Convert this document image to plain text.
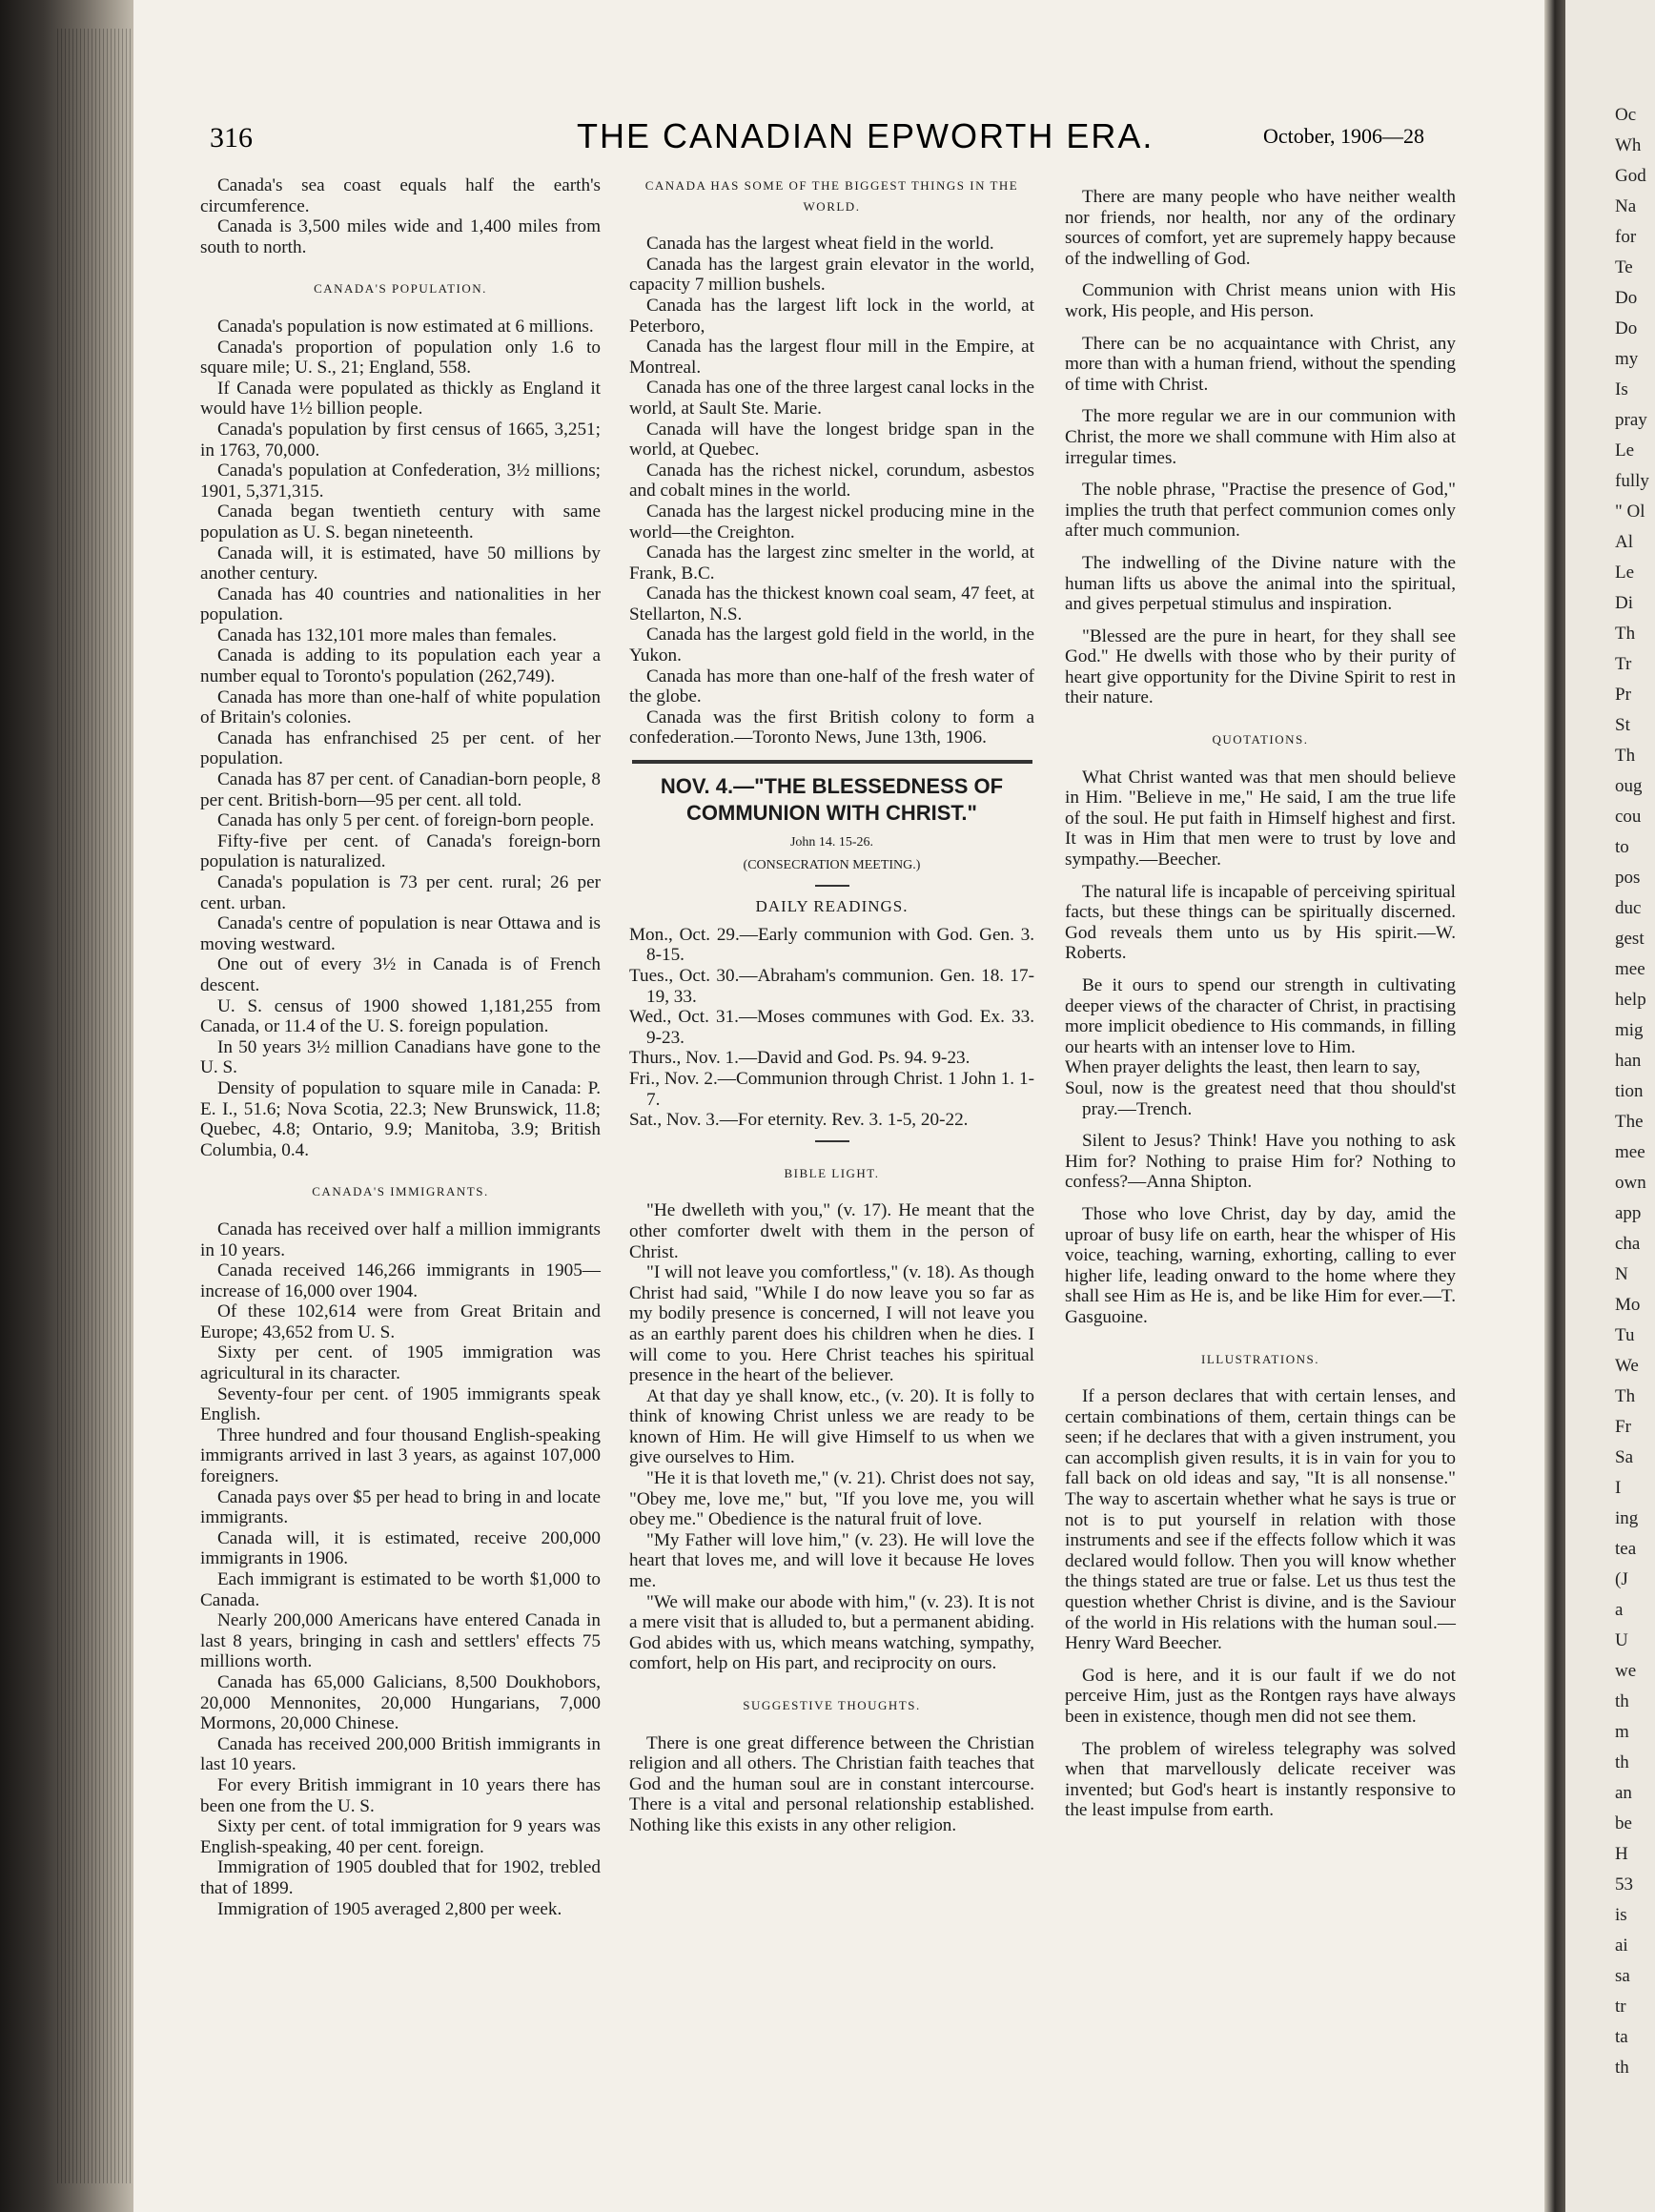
Oc
Wh
God
Na
for
Te
Do
Do
my
Is
pray
Le
fully
" Ol
Al
Le
Di
Th
Tr
Pr
St
Th
oug
cou
to
pos
duc
gest
mee
help
mig
han
tion
The
mee
own
app
cha
N
Mo
Tu
We
Th
Fr
Sa
I
ing
tea
(J
a
U
we
th
m
th
an
be
H
53
is
ai
sa
tr
ta
th
316	THE CANADIAN EPWORTH ERA.	October, 1906—28

Canada's sea coast equals half the earth's circumference.

Canada is 3,500 miles wide and 1,400 miles from south to north.

CANADA'S POPULATION.

Canada's population is now estimated at 6 millions.

Canada's proportion of population only 1.6 to square mile; U. S., 21; England, 558.

If Canada were populated as thickly as England it would have 1½ billion people.

Canada's population by first census of 1665, 3,251; in 1763, 70,000.

Canada's population at Confederation, 3½ millions; 1901, 5,371,315.

Canada began twentieth century with same population as U. S. began nineteenth.

Canada will, it is estimated, have 50 millions by another century.

Canada has 40 countries and nationalities in her population.

Canada has 132,101 more males than females.

Canada is adding to its population each year a number equal to Toronto's population (262,749).

Canada has more than one-half of white population of Britain's colonies.

Canada has enfranchised 25 per cent. of her population.

Canada has 87 per cent. of Canadian-born people, 8 per cent. British-born—95 per cent. all told.

Canada has only 5 per cent. of foreign-born people.

Fifty-five per cent. of Canada's foreign-born population is naturalized.

Canada's population is 73 per cent. rural; 26 per cent. urban.

Canada's centre of population is near Ottawa and is moving westward.

One out of every 3½ in Canada is of French descent.

U. S. census of 1900 showed 1,181,255 from Canada, or 11.4 of the U. S. foreign population.

In 50 years 3½ million Canadians have gone to the U. S.

Density of population to square mile in Canada: P. E. I., 51.6; Nova Scotia, 22.3; New Brunswick, 11.8; Quebec, 4.8; Ontario, 9.9; Manitoba, 3.9; British Columbia, 0.4.

CANADA'S IMMIGRANTS.

Canada has received over half a million immigrants in 10 years.

Canada received 146,266 immigrants in 1905—increase of 16,000 over 1904.

Of these 102,614 were from Great Britain and Europe; 43,652 from U. S.

Sixty per cent. of 1905 immigration was agricultural in its character.

Seventy-four per cent. of 1905 immigrants speak English.

Three hundred and four thousand English-speaking immigrants arrived in last 3 years, as against 107,000 foreigners.

Canada pays over $5 per head to bring in and locate immigrants.

Canada will, it is estimated, receive 200,000 immigrants in 1906.

Each immigrant is estimated to be worth $1,000 to Canada.

Nearly 200,000 Americans have entered Canada in last 8 years, bringing in cash and settlers' effects 75 millions worth.

Canada has 65,000 Galicians, 8,500 Doukhobors, 20,000 Mennonites, 20,000 Hungarians, 7,000 Mormons, 20,000 Chinese.

Canada has received 200,000 British immigrants in last 10 years.

For every British immigrant in 10 years there has been one from the U. S.

Sixty per cent. of total immigration for 9 years was English-speaking, 40 per cent. foreign.

Immigration of 1905 doubled that for 1902, trebled that of 1899.

Immigration of 1905 averaged 2,800 per week.

CANADA HAS SOME OF THE BIGGEST THINGS IN THE WORLD.

Canada has the largest wheat field in the world.

Canada has the largest grain elevator in the world, capacity 7 million bushels.

Canada has the largest lift lock in the world, at Peterboro,

Canada has the largest flour mill in the Empire, at Montreal.

Canada has one of the three largest canal locks in the world, at Sault Ste. Marie.

Canada will have the longest bridge span in the world, at Quebec.

Canada has the richest nickel, corundum, asbestos and cobalt mines in the world.

Canada has the largest nickel producing mine in the world—the Creighton.

Canada has the largest zinc smelter in the world, at Frank, B.C.

Canada has the thickest known coal seam, 47 feet, at Stellarton, N.S.

Canada has the largest gold field in the world, in the Yukon.

Canada has more than one-half of the fresh water of the globe.

Canada was the first British colony to form a confederation.—Toronto News, June 13th, 1906.

NOV. 4.—"THE BLESSEDNESS OF COMMUNION WITH CHRIST."
John 14. 15-26.
(CONSECRATION MEETING.)
DAILY READINGS.

Mon., Oct. 29.—Early communion with God. Gen. 3. 8-15.

Tues., Oct. 30.—Abraham's communion. Gen. 18. 17-19, 33.

Wed., Oct. 31.—Moses communes with God. Ex. 33. 9-23.

Thurs., Nov. 1.—David and God. Ps. 94. 9-23.

Fri., Nov. 2.—Communion through Christ. 1 John 1. 1-7.

Sat., Nov. 3.—For eternity. Rev. 3. 1-5, 20-22.

BIBLE LIGHT.

"He dwelleth with you," (v. 17). He meant that the other comforter dwelt with them in the person of Christ.

"I will not leave you comfortless," (v. 18). As though Christ had said, "While I do now leave you so far as my bodily presence is concerned, I will not leave you as an earthly parent does his children when he dies. I will come to you. Here Christ teaches his spiritual presence in the heart of the believer.

At that day ye shall know, etc., (v. 20). It is folly to think of knowing Christ unless we are ready to be known of Him. He will give Himself to us when we give ourselves to Him.

"He it is that loveth me," (v. 21). Christ does not say, "Obey me, love me," but, "If you love me, you will obey me." Obedience is the natural fruit of love.

"My Father will love him," (v. 23). He will love the heart that loves me, and will love it because He loves me.

"We will make our abode with him," (v. 23). It is not a mere visit that is alluded to, but a permanent abiding. God abides with us, which means watching, sympathy, comfort, help on His part, and reciprocity on ours.

SUGGESTIVE THOUGHTS.

There is one great difference between the Christian religion and all others. The Christian faith teaches that God and the human soul are in constant intercourse. There is a vital and personal relationship established. Nothing like this exists in any other religion.

There are many people who have neither wealth nor friends, nor health, nor any of the ordinary sources of comfort, yet are supremely happy because of the indwelling of God.

Communion with Christ means union with His work, His people, and His person.

There can be no acquaintance with Christ, any more than with a human friend, without the spending of time with Christ.

The more regular we are in our communion with Christ, the more we shall commune with Him also at irregular times.

The noble phrase, "Practise the presence of God," implies the truth that perfect communion comes only after much communion.

The indwelling of the Divine nature with the human lifts us above the animal into the spiritual, and gives perpetual stimulus and inspiration.

"Blessed are the pure in heart, for they shall see God." He dwells with those who by their purity of heart give opportunity for the Divine Spirit to rest in their nature.

QUOTATIONS.

What Christ wanted was that men should believe in Him. "Believe in me," He said, I am the true life of the soul. He put faith in Himself highest and first. It was in Him that men were to trust by love and sympathy.—Beecher.

The natural life is incapable of perceiving spiritual facts, but these things can be spiritually discerned. God reveals them unto us by His spirit.—W. Roberts.

Be it ours to spend our strength in cultivating deeper views of the character of Christ, in practising more implicit obedience to His commands, in filling our hearts with an intenser love to Him.

When prayer delights the least, then learn to say,

Soul, now is the greatest need that thou should'st pray.—Trench.

Silent to Jesus? Think! Have you nothing to ask Him for? Nothing to praise Him for? Nothing to confess?—Anna Shipton.

Those who love Christ, day by day, amid the uproar of busy life on earth, hear the whisper of His voice, teaching, warning, exhorting, calling to ever higher life, leading onward to the home where they shall see Him as He is, and be like Him for ever.—T. Gasguoine.

ILLUSTRATIONS.

If a person declares that with certain lenses, and certain combinations of them, certain things can be seen; if he declares that with a given instrument, you can accomplish given results, it is in vain for you to fall back on old ideas and say, "It is all nonsense." The way to ascertain whether what he says is true or not is to put yourself in relation with those instruments and see if the effects follow which it was declared would follow. Then you will know whether the things stated are true or false. Let us thus test the question whether Christ is divine, and is the Saviour of the world in His relations with the human soul.—Henry Ward Beecher.

God is here, and it is our fault if we do not perceive Him, just as the Rontgen rays have always been in existence, though men did not see them.

The problem of wireless telegraphy was solved when that marvellously delicate receiver was invented; but God's heart is instantly responsive to the least impulse from earth.
